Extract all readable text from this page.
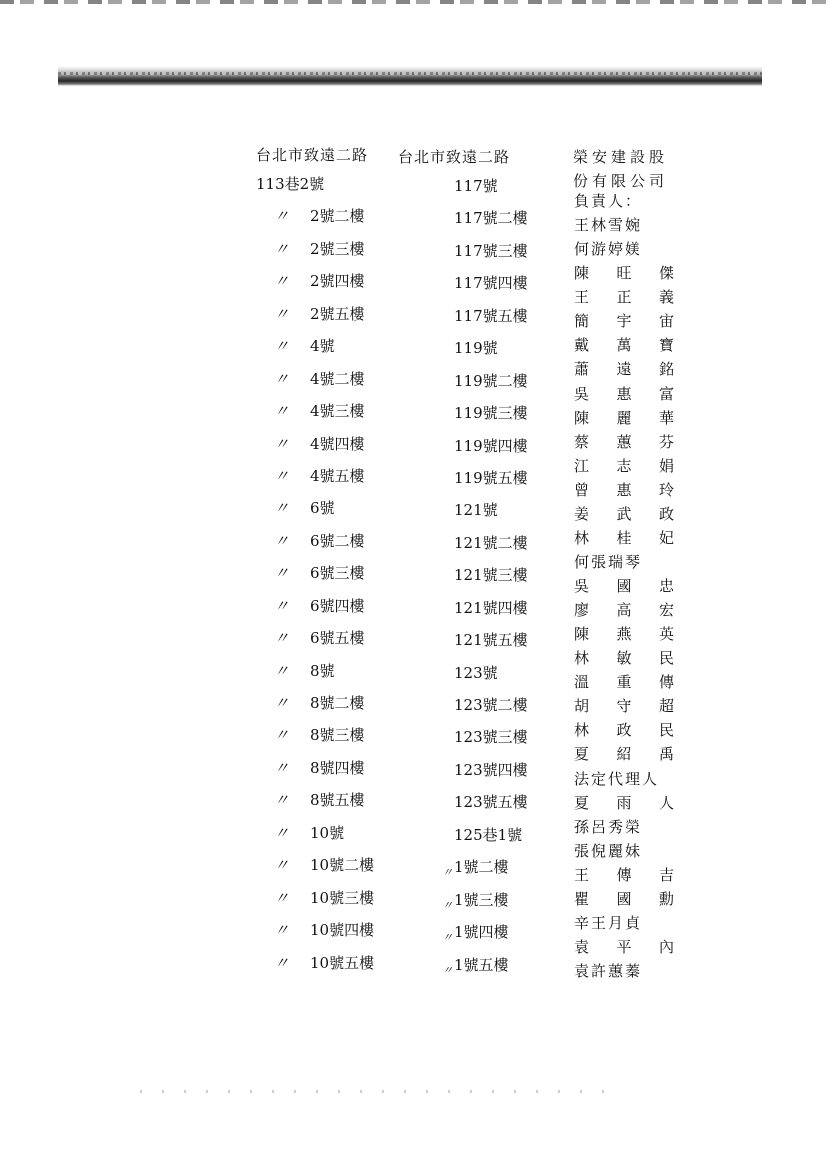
台北市致遠二路 台北市致遠二路	榮安建設股
份有限公司
113巷2號
〃 2號二樓
〃 2號三樓
〃 2號四樓
〃 2號五樓
〃 4號
〃 4號二樓
〃 4號三樓
〃 4號四樓
〃 4號五樓
〃 6號
〃 6號二樓
〃 6號三樓
〃 6號四樓
〃 6號五樓
〃 8號
〃 8號二樓
〃 8號三樓
〃 8號四樓
〃 8號五樓
〃 10號
〃 10號二樓
〃 10號三樓
〃 10號四樓
〃 10號五樓
117號
117號二樓
117號三樓
117號四樓
117號五樓
119號
119號二樓
119號三樓
119號四樓
119號五樓
121號
121號二樓
121號三樓
121號四樓
121號五樓
123號
123號二樓
123號三樓
123號四樓
123號五樓
125巷1號
〃 1號二樓
〃 1號三樓
〃 1號四樓
〃 1號五樓
負責人：
王林雪婉
何游婷媄
陳 旺 傑
王 正 義
簡 宇 宙
戴 萬 寶
蕭 遠 銘
吳 惠 富
陳 麗 華
蔡 蕙 芬
江 志 娟
曾 惠 玲
姜 武 政
林 桂 妃
何張瑞琴
吳 國 忠
廖 高 宏
陳 燕 英
林 敏 民
溫 重 傳
胡 守 超
林 政 民
夏 紹 禹
法定代理人
夏 雨 人
孫呂秀榮
張倪麗妹
王 傳 吉
瞿 國 勳
辛王月貞
袁 平 內
袁許蕙蓁
